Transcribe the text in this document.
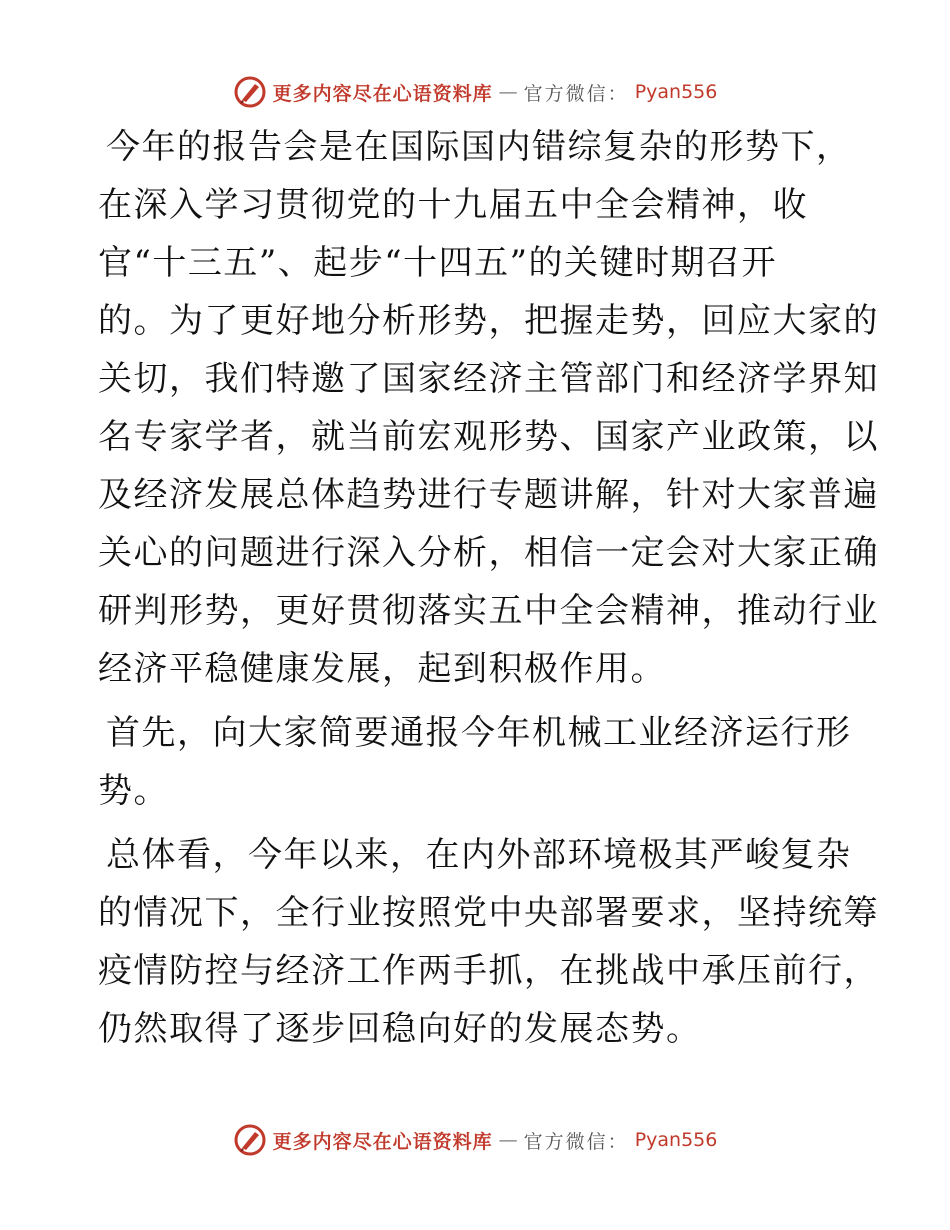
更多内容尽在心语资料库 — 官方微信： Pyan556

今年的报告会是在国际国内错综复杂的形势下，
在深入学习贯彻党的十九届五中全会精神，收
官“十三五”、起步“十四五”的关键时期召开
的。为了更好地分析形势，把握走势，回应大家的
关切，我们特邀了国家经济主管部门和经济学界知
名专家学者，就当前宏观形势、国家产业政策，以
及经济发展总体趋势进行专题讲解，针对大家普遍
关心的问题进行深入分析，相信一定会对大家正确
研判形势，更好贯彻落实五中全会精神，推动行业
经济平稳健康发展，起到积极作用。

首先，向大家简要通报今年机械工业经济运行形
势。

总体看，今年以来，在内外部环境极其严峻复杂
的情况下，全行业按照党中央部署要求，坚持统筹
疫情防控与经济工作两手抓，在挑战中承压前行，
仍然取得了逐步回稳向好的发展态势。

更多内容尽在心语资料库 — 官方微信： Pyan556
